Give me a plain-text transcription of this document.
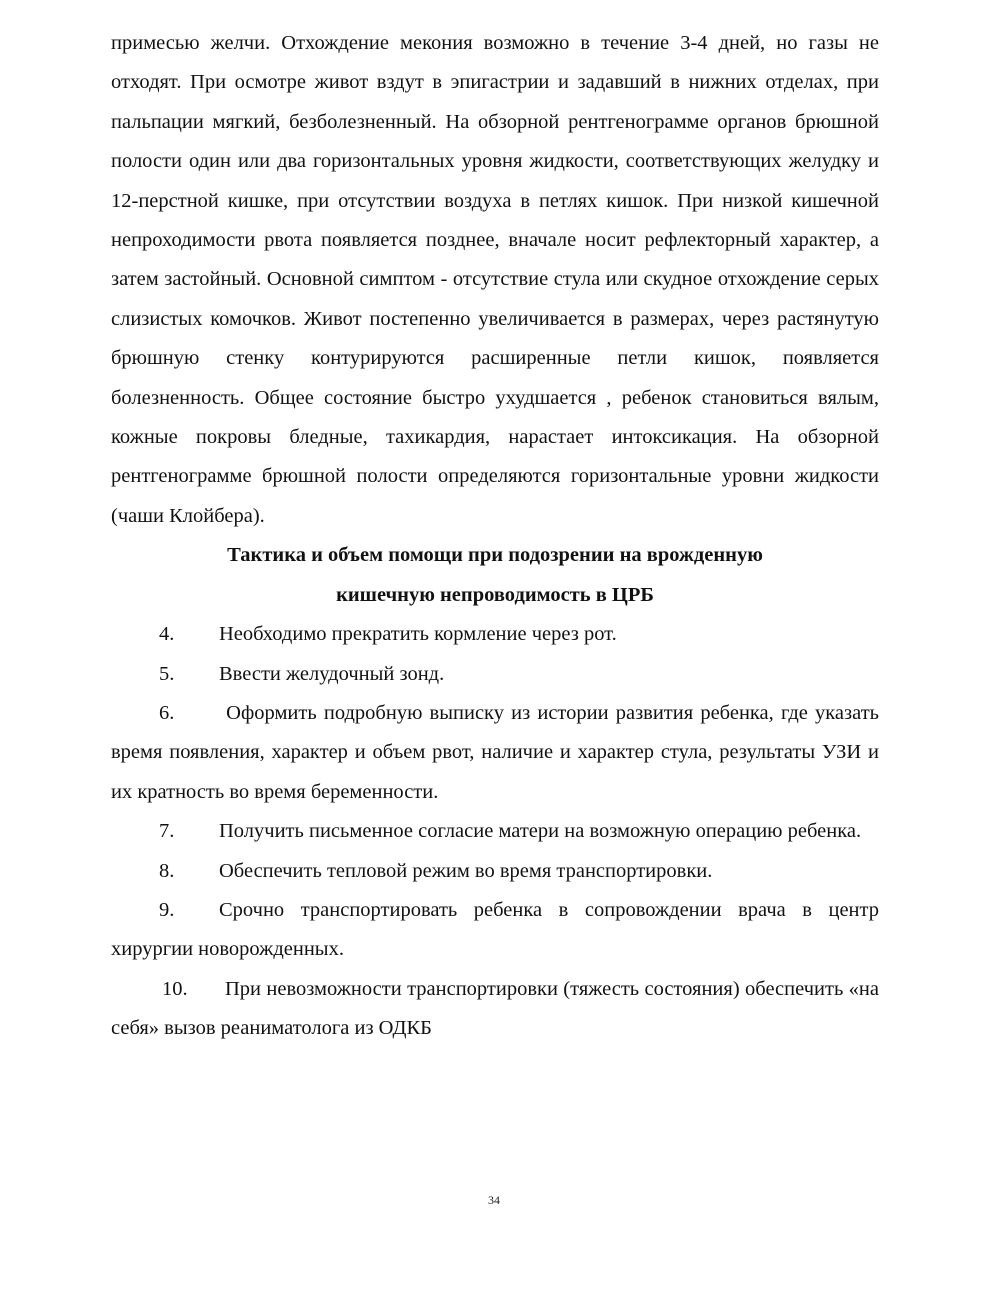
примесью желчи. Отхождение мекония возможно в течение 3-4 дней, но газы не отходят. При осмотре живот вздут в эпигастрии и задавший в нижних отделах, при пальпации мягкий, безболезненный. На обзорной рентгенограмме органов брюшной полости один или два горизонтальных уровня жидкости, соответствующих желудку и 12-перстной кишке, при отсутствии воздуха в петлях кишок. При низкой кишечной непроходимости рвота появляется позднее, вначале носит рефлекторный характер, а затем застойный. Основной симптом - отсутствие стула или скудное отхождение серых слизистых комочков. Живот постепенно увеличивается в размерах, через растянутую брюшную стенку контурируются расширенные петли кишок, появляется болезненность. Общее состояние быстро ухудшается , ребенок становиться вялым, кожные покровы бледные, тахикардия, нарастает интоксикация. На обзорной рентгенограмме брюшной полости определяются горизонтальные уровни жидкости (чаши Клойбера).

Тактика и объем помощи при подозрении на врожденную
кишечную непроводимость в ЦРБ

4. Необходимо прекратить кормление через рот.

5. Ввести желудочный зонд.

6. Оформить подробную выписку из истории развития ребенка, где указать время появления, характер и объем рвот, наличие и характер стула, результаты УЗИ и их кратность во время беременности.

7. Получить письменное согласие матери на возможную операцию ребенка.

8. Обеспечить тепловой режим во время транспортировки.

9. Срочно транспортировать ребенка в сопровождении врача в центр хирургии новорожденных.

10. При невозможности транспортировки (тяжесть состояния) обеспечить «на себя» вызов реаниматолога из ОДКБ

34
